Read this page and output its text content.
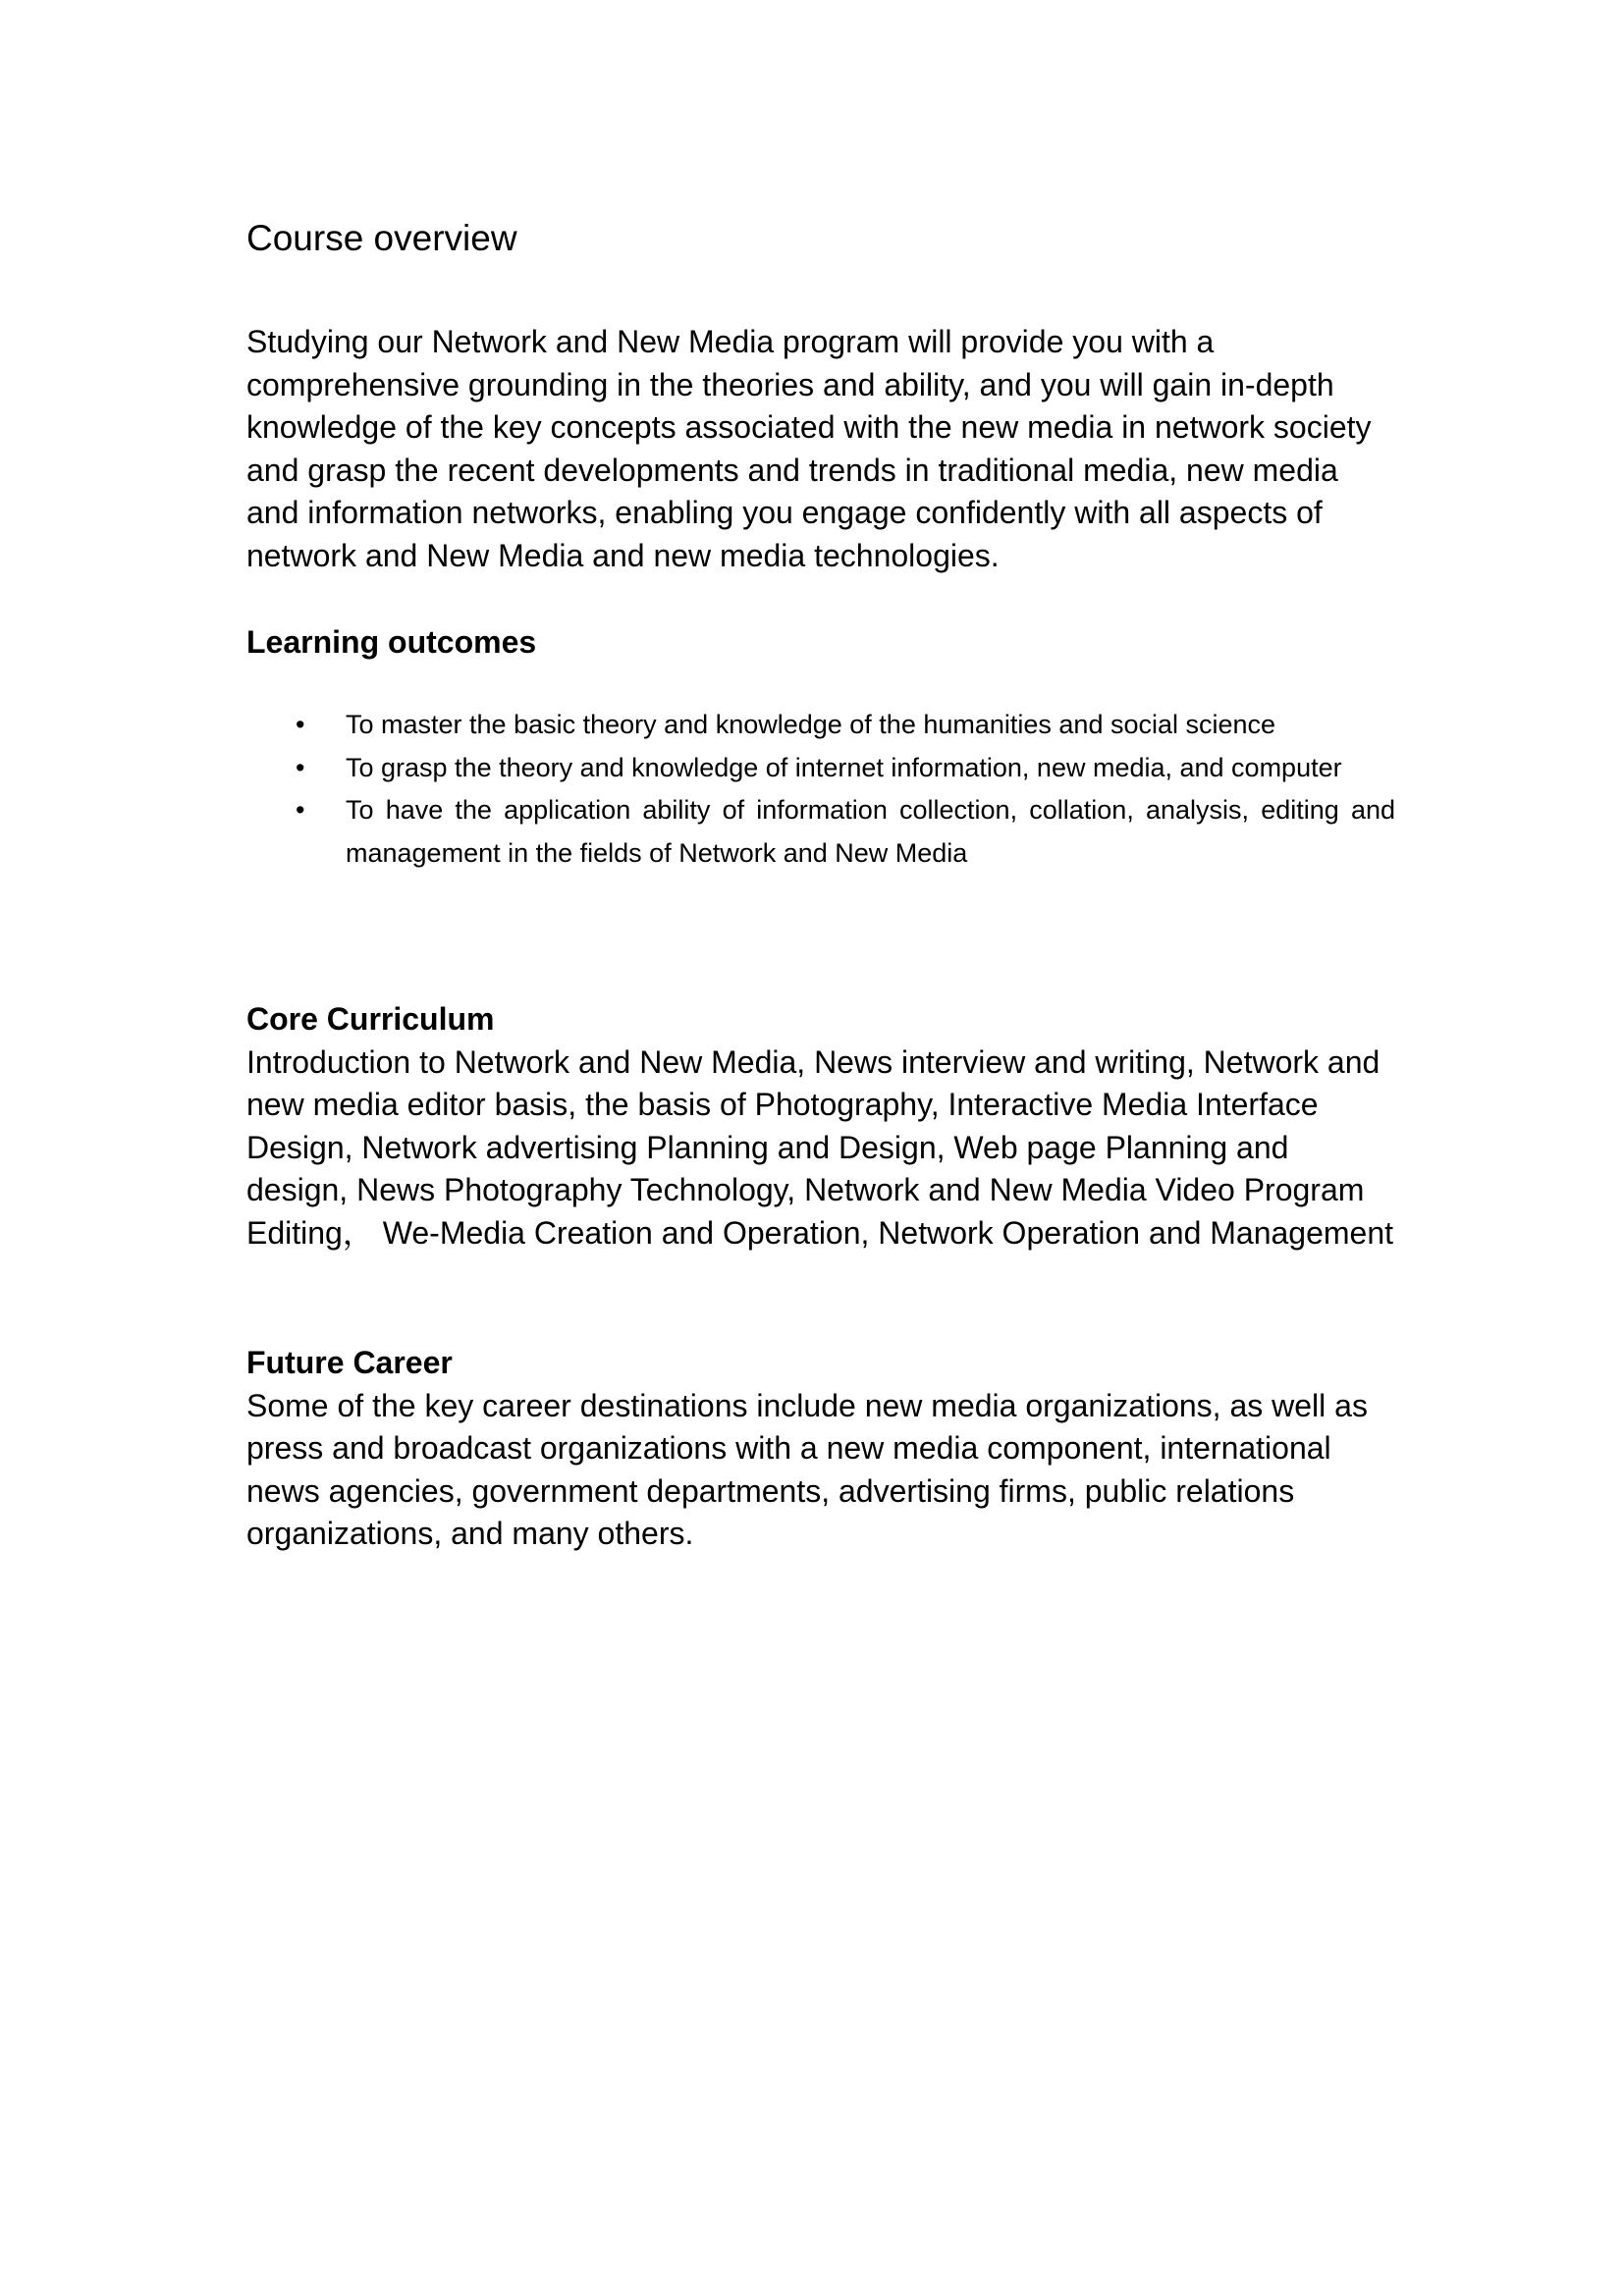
Course overview

Studying our Network and New Media program will provide you with a comprehensive grounding in the theories and ability, and you will gain in-depth knowledge of the key concepts associated with the new media in network society and grasp the recent developments and trends in traditional media, new media and information networks, enabling you engage confidently with all aspects of network and New Media and new media technologies.

Learning outcomes
• To master the basic theory and knowledge of the humanities and social science
• To grasp the theory and knowledge of internet information, new media, and computer
• To have the application ability of information collection, collation, analysis, editing and management in the fields of Network and New Media
Core Curriculum

Introduction to Network and New Media, News interview and writing, Network and new media editor basis, the basis of Photography, Interactive Media Interface Design, Network advertising Planning and Design, Web page Planning and design, News Photography Technology, Network and New Media Video Program Editing， We-Media Creation and Operation, Network Operation and Management

Future Career

Some of the key career destinations include new media organizations, as well as press and broadcast organizations with a new media component, international news agencies, government departments, advertising firms, public relations organizations, and many others.
